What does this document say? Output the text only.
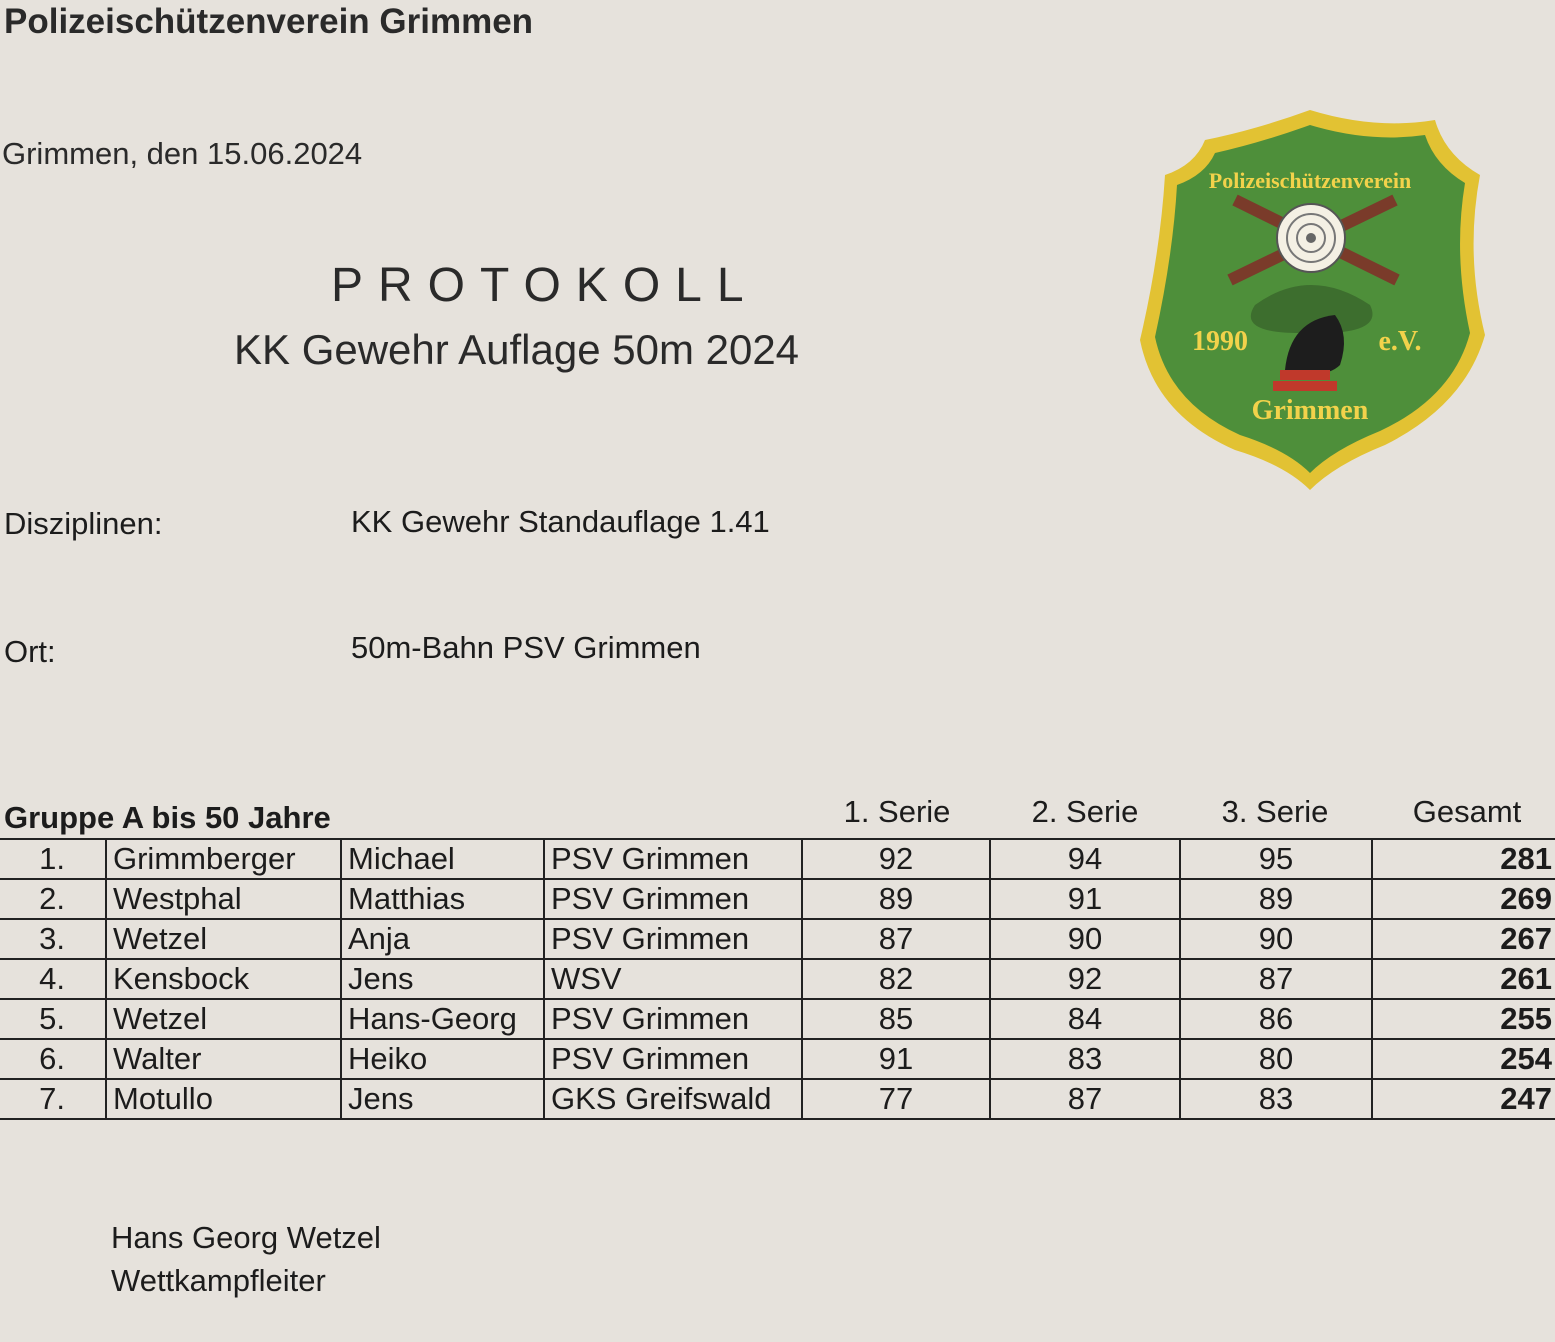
Polizeischützenverein Grimmen
Grimmen, den 15.06.2024
PROTOKOLL
KK Gewehr Auflage 50m 2024
Polizeischützenverein
1990	e.V.
Grimmen
Disziplinen:	KK Gewehr Standauflage 1.41
Ort:	50m-Bahn PSV Grimmen
Gruppe A bis 50 Jahre	1. Serie	2. Serie	3. Serie	Gesamt
1.	Grimmberger	Michael	PSV Grimmen	92	94	95	281
2.	Westphal	Matthias	PSV Grimmen	89	91	89	269
3.	Wetzel	Anja	PSV Grimmen	87	90	90	267
4.	Kensbock	Jens	WSV	82	92	87	261
5.	Wetzel	Hans-Georg	PSV Grimmen	85	84	86	255
6.	Walter	Heiko	PSV Grimmen	91	83	80	254
7.	Motullo	Jens	GKS Greifswald	77	87	83	247
Hans Georg Wetzel
Wettkampfleiter
